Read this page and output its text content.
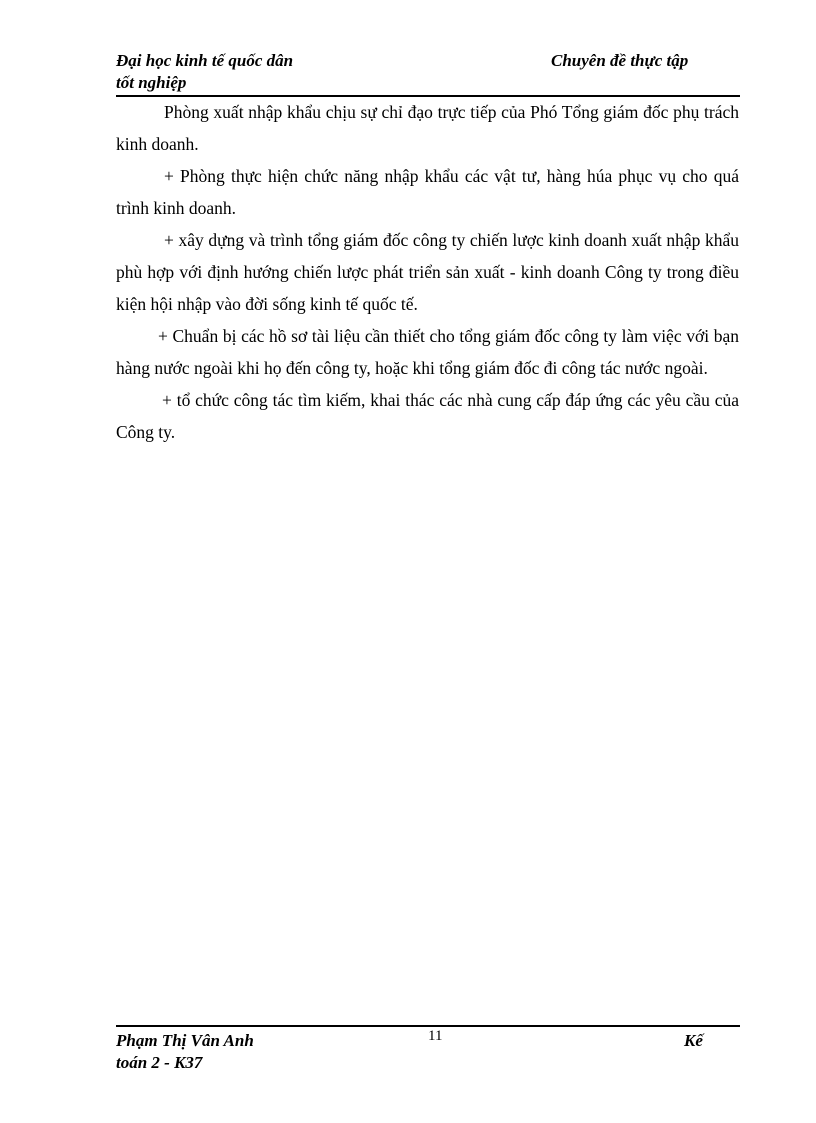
Đại học kinh tế quốc dân
tốt nghiệp
Chuyên đề thực tập

Phòng xuất nhập khẩu chịu sự chỉ đạo trực tiếp của Phó Tổng giám đốc phụ trách kinh doanh.

+ Phòng thực hiện chức năng nhập khẩu các vật tư, hàng húa phục vụ cho quá trình kinh doanh.

+ xây dựng và trình tổng giám đốc công ty chiến lược kinh doanh xuất nhập khẩu phù hợp với định hướng chiến lược phát triển sản xuất - kinh doanh Công ty trong điều kiện hội nhập vào đời sống kinh tế quốc tế.

+ Chuẩn bị các hồ sơ tài liệu cần thiết cho tổng giám đốc công ty làm việc với bạn hàng nước ngoài khi họ đến công ty, hoặc khi tổng giám đốc đi công tác nước ngoài.

+ tổ chức công tác tìm kiếm, khai thác các nhà cung cấp đáp ứng các yêu cầu của Công ty.

Phạm Thị Vân Anh
toán 2 - K37
11	Kế
